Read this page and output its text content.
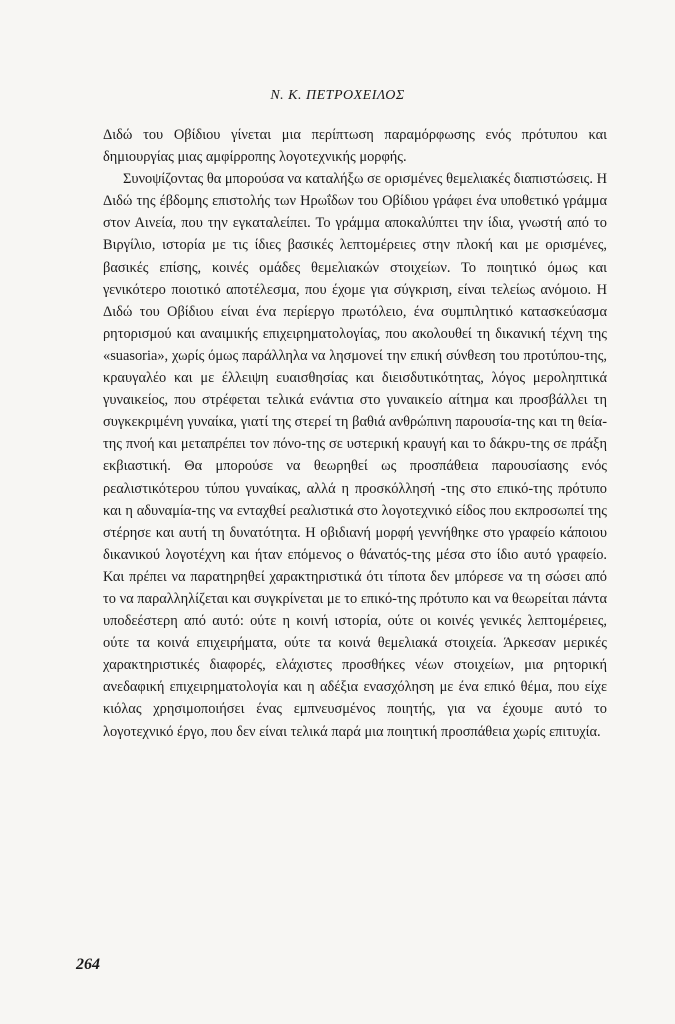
Ν. Κ. ΠΕΤΡΟΧΕΙΛΟΣ

Διδώ του Οβίδιου γίνεται μια περίπτωση παραμόρφωσης ενός πρότυπου και δημιουργίας μιας αμφίρροπης λογοτεχνικής μορφής.

Συνοψίζοντας θα μπορούσα να καταλήξω σε ορισμένες θεμελιακές διαπιστώσεις. Η Διδώ της έβδομης επιστολής των Ηρωΐδων του Οβίδιου γράφει ένα υποθετικό γράμμα στον Αινεία, που την εγκαταλείπει. Το γράμμα αποκαλύπτει την ίδια, γνωστή από το Βιργίλιο, ιστορία με τις ίδιες βασικές λεπτομέρειες στην πλοκή και με ορισμένες, βασικές επίσης, κοινές ομάδες θεμελιακών στοιχείων. Το ποιητικό όμως και γενικότερο ποιοτικό αποτέλεσμα, που έχομε για σύγκριση, είναι τελείως ανόμοιο. Η Διδώ του Οβίδιου είναι ένα περίεργο πρωτόλειο, ένα συμπιλητικό κατασκεύασμα ρητορισμού και αναιμικής επιχειρηματολογίας, που ακολουθεί τη δικανική τέχνη της «suasoria», χωρίς όμως παράλληλα να λησμονεί την επική σύνθεση του προτύπου-της, κραυγαλέο και με έλλειψη ευαισθησίας και διεισδυτικότητας, λόγος μεροληπτικά γυναικείος, που στρέφεται τελικά ενάντια στο γυναικείο αίτημα και προσβάλλει τη συγκεκριμένη γυναίκα, γιατί της στερεί τη βαθιά ανθρώπινη παρουσία-της και τη θεία-της πνοή και μεταπρέπει τον πόνο-της σε υστερική κραυγή και το δάκρυ-της σε πράξη εκβιαστική. Θα μπορούσε να θεωρηθεί ως προσπάθεια παρουσίασης ενός ρεαλιστικότερου τύπου γυναίκας, αλλά η προσκόλλησή -της στο επικό-της πρότυπο και η αδυναμία-της να ενταχθεί ρεαλιστικά στο λογοτεχνικό είδος που εκπροσωπεί της στέρησε και αυτή τη δυνατότητα. Η οβιδιανή μορφή γεννήθηκε στο γραφείο κάποιου δικανικού λογοτέχνη και ήταν επόμενος ο θάνατός-της μέσα στο ίδιο αυτό γραφείο. Και πρέπει να παρατηρηθεί χαρακτηριστικά ότι τίποτα δεν μπόρεσε να τη σώσει από το να παραλληλίζεται και συγκρίνεται με το επικό-της πρότυπο και να θεωρείται πάντα υποδεέστερη από αυτό: ούτε η κοινή ιστορία, ούτε οι κοινές γενικές λεπτομέρειες, ούτε τα κοινά επιχειρήματα, ούτε τα κοινά θεμελιακά στοιχεία. Άρκεσαν μερικές χαρακτηριστικές διαφορές, ελάχιστες προσθήκες νέων στοιχείων, μια ρητορική ανεδαφική επιχειρηματολογία και η αδέξια ενασχόληση με ένα επικό θέμα, που είχε κιόλας χρησιμοποιήσει ένας εμπνευσμένος ποιητής, για να έχουμε αυτό το λογοτεχνικό έργο, που δεν είναι τελικά παρά μια ποιητική προσπάθεια χωρίς επιτυχία.

264
